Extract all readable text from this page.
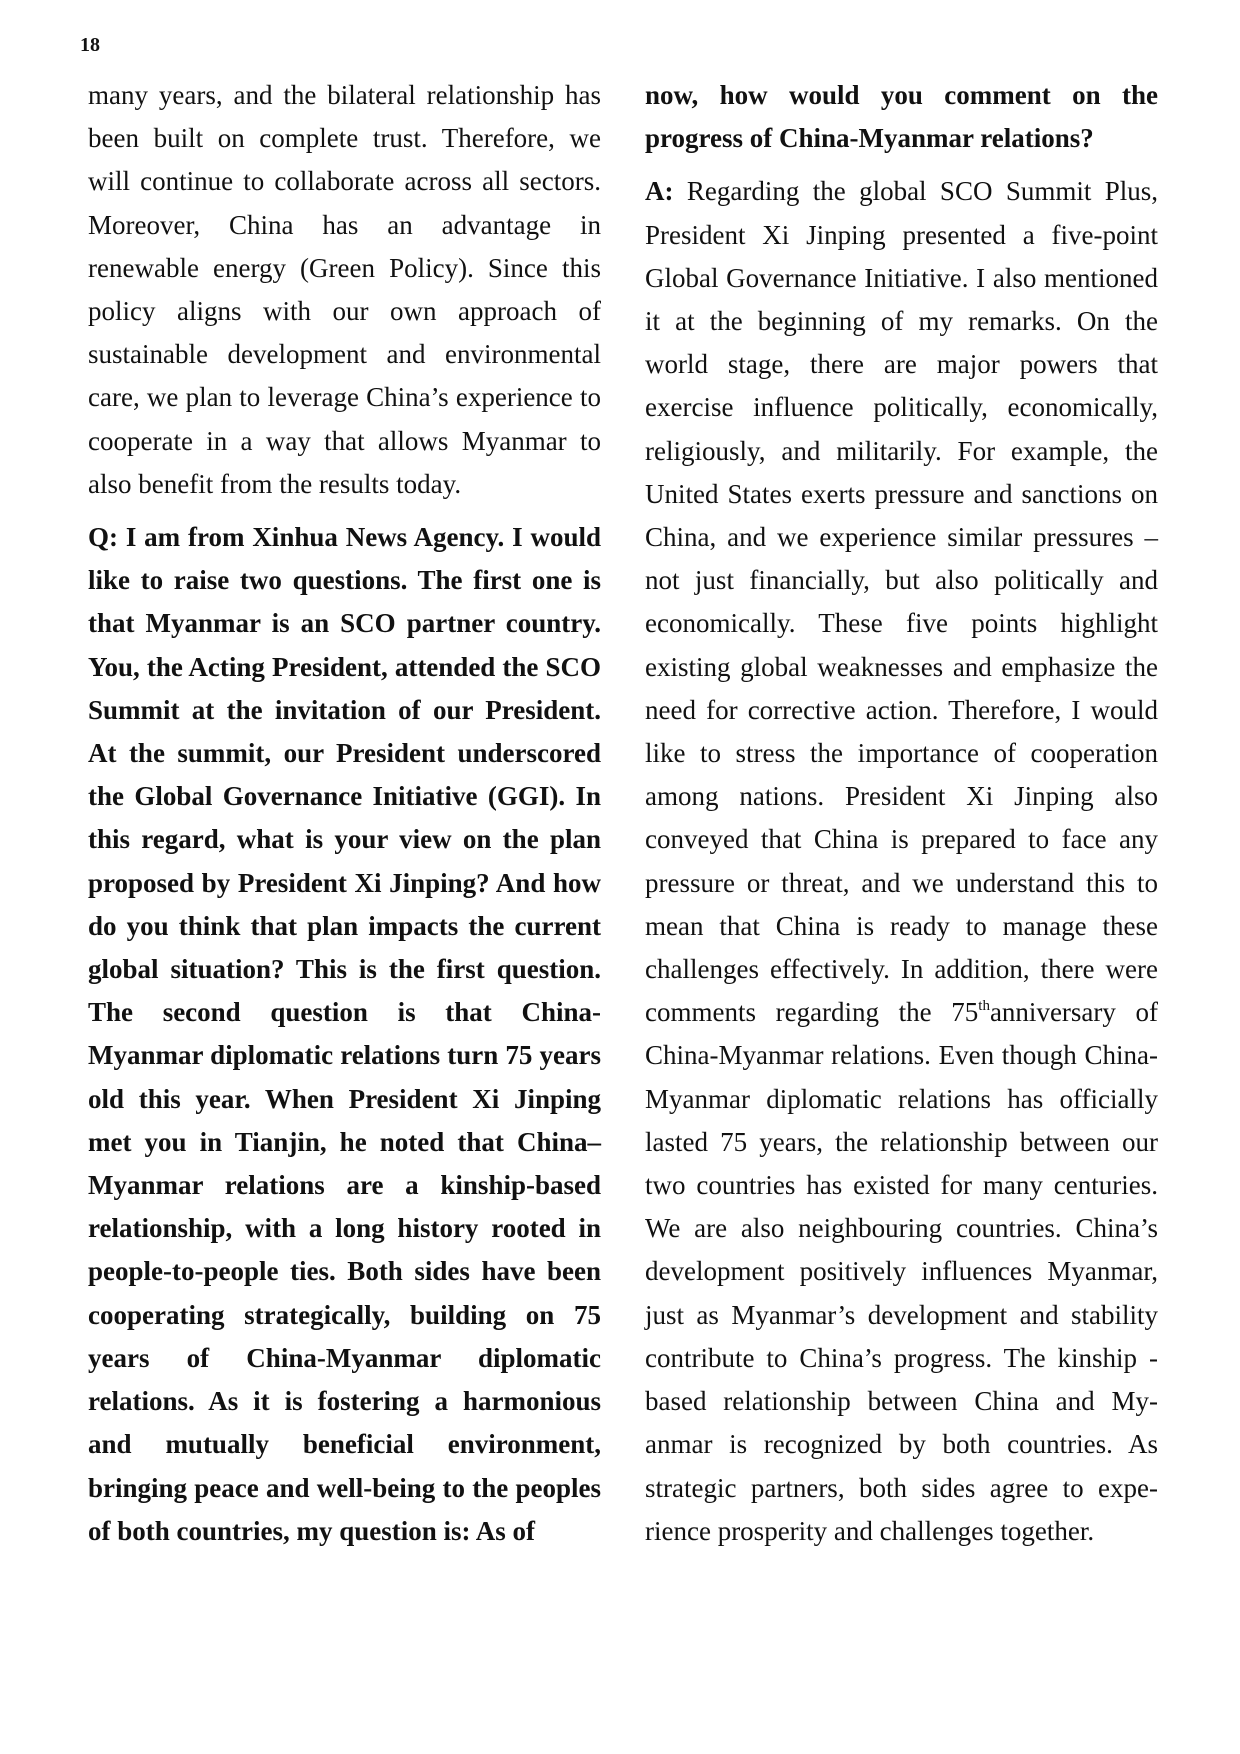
18

many years, and the bilateral relationship has been built on complete trust. Therefore, we will continue to collaborate across all sectors. Moreover, China has an advantage in renewable energy (Green Policy). Since this policy aligns with our own approach of sustainable development and environmental care, we plan to leverage China’s experience to cooperate in a way that allows Myanmar to also benefit from the results today.

Q: I am from Xinhua News Agency. I would like to raise two questions. The first one is that Myanmar is an SCO partner country. You, the Acting President, attended the SCO Summit at the invitation of our President. At the summit, our President underscored the Global Governance Initiative (GGI). In this regard, what is your view on the plan proposed by President Xi Jinping? And how do you think that plan impacts the current global situation? This is the first question. The second question is that China-Myanmar diplomatic relations turn 75 years old this year. When President Xi Jinping met you in Tianjin, he noted that China–Myanmar relations are a kinship-based relationship, with a long history rooted in people-to-people ties. Both sides have been cooperating strategically, building on 75 years of China-Myanmar diplomatic relations. As it is fostering a harmonious and mutually beneficial environment, bringing peace and well-being to the peoples of both countries, my question is: As of

now, how would you comment on the progress of China-Myanmar relations?

A: Regarding the global SCO Summit Plus, President Xi Jinping presented a five-point Global Governance Initiative. I also mentioned it at the beginning of my remarks. On the world stage, there are major powers that exercise influence politically, economically, religiously, and militarily. For example, the United States exerts pressure and sanctions on China, and we experience similar pressures – not just financially, but also politically and economically. These five points highlight existing global weaknesses and emphasize the need for corrective action. Therefore, I would like to stress the importance of cooperation among nations. President Xi Jinping also conveyed that China is prepared to face any pressure or threat, and we understand this to mean that China is ready to manage these challenges effectively. In addition, there were comments regarding the 75thanniversary of China-Myanmar relations. Even though China-Myanmar diplomatic relations has officially lasted 75 years, the relationship between our two countries has existed for many centuries. We are also neighbouring countries. China’s development positively influences Myanmar, just as Myanmar’s development and stability contribute to China’s progress. The kinship -based relationship between China and Myanmar is recognized by both countries. As strategic partners, both sides agree to experience prosperity and challenges together.
